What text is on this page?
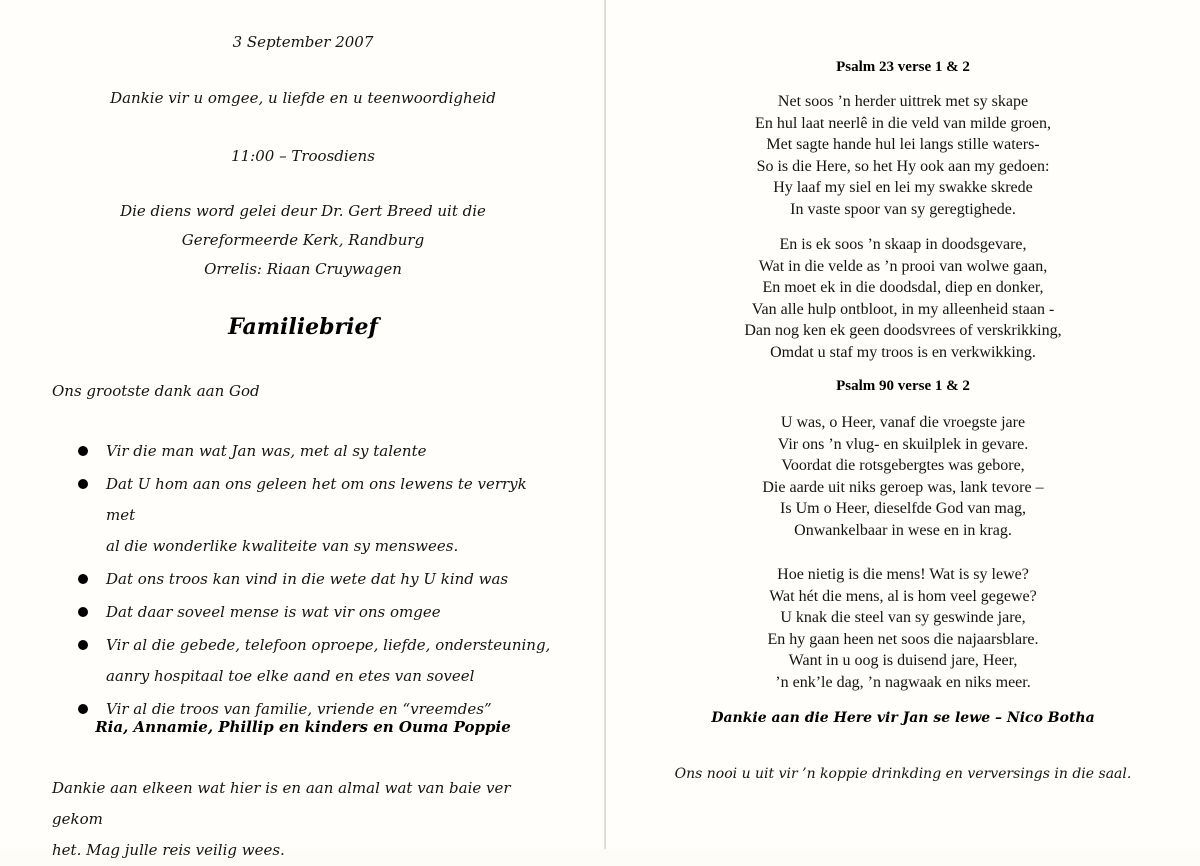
3 September 2007
Dankie vir u omgee, u liefde en u teenwoordigheid
11:00 – Troosdiens
Die diens word gelei deur Dr. Gert Breed uit die
Gereformeerde Kerk, Randburg
Orrelis: Riaan Cruywagen
Familiebrief
Ons grootste dank aan God
Vir die man wat Jan was, met al sy talente
Dat U hom aan ons geleen het om ons lewens te verryk met
al die wonderlike kwaliteite van sy menswees.
Dat ons troos kan vind in die wete dat hy U kind was
Dat daar soveel mense is wat vir ons omgee
Vir al die gebede, telefoon oproepe, liefde, ondersteuning,
aanry hospitaal toe elke aand en etes van soveel
Vir al die troos van familie, vriende en “vreemdes”
Ria, Annamie, Phillip en kinders en Ouma Poppie
Dankie aan elkeen wat hier is en aan almal wat van baie ver gekom
het. Mag julle reis veilig wees.
Psalm 23 verse 1 & 2
Net soos ’n herder uittrek met sy skape
En hul laat neerlê in die veld van milde groen,
Met sagte hande hul lei langs stille waters-
So is die Here, so het Hy ook aan my gedoen:
Hy laaf my siel en lei my swakke skrede
In vaste spoor van sy geregtighede.
En is ek soos ’n skaap in doodsgevare,
Wat in die velde as ’n prooi van wolwe gaan,
En moet ek in die doodsdal, diep en donker,
Van alle hulp ontbloot, in my alleenheid staan -
Dan nog ken ek geen doodsvrees of verskrikking,
Omdat u staf my troos is en verkwikking.
Psalm 90 verse 1 & 2
U was, o Heer, vanaf die vroegste jare
Vir ons ’n vlug- en skuilplek in gevare.
Voordat die rotsgebergtes was gebore,
Die aarde uit niks geroep was, lank tevore –
Is Um o Heer, dieselfde God van mag,
Onwankelbaar in wese en in krag.
Hoe nietig is die mens! Wat is sy lewe?
Wat hét die mens, al is hom veel gegewe?
U knak die steel van sy geswinde jare,
En hy gaan heen net soos die najaarsblare.
Want in u oog is duisend jare, Heer,
’n enk’le dag, ’n nagwaak en niks meer.
Dankie aan die Here vir Jan se lewe – Nico Botha
Ons nooi u uit vir ’n koppie drinkding en verversings in die saal.
